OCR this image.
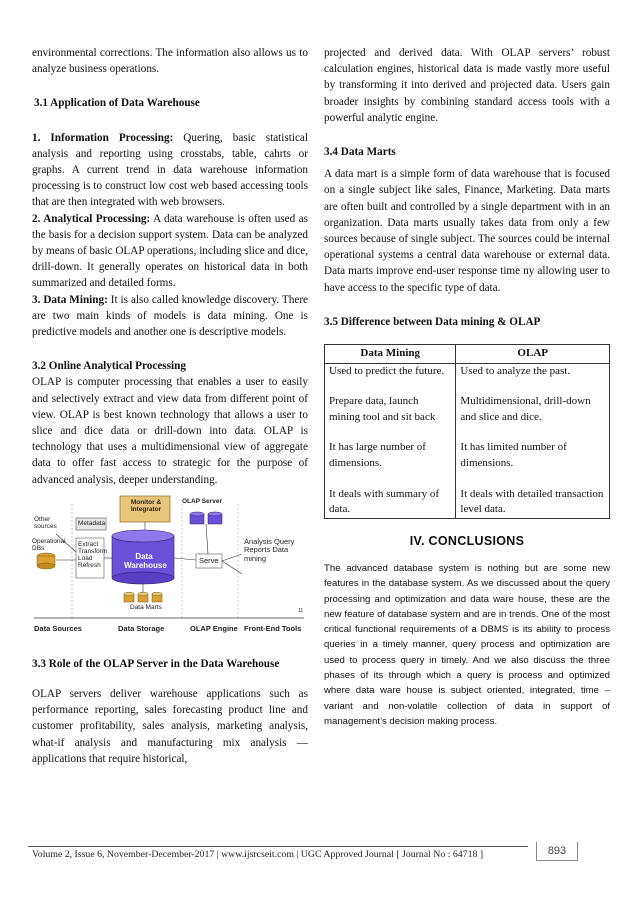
environmental corrections. The information also allows us to analyze business operations.

3.1 Application of Data Warehouse

1. Information Processing: Quering, basic statistical analysis and reporting using crosstabs, table, cahrts or graphs. A current trend in data warehouse information processing is to construct low cost web based accessing tools that are then integrated with web browsers.

2. Analytical Processing: A data warehouse is often used as the basis for a decision support system. Data can be analyzed by means of basic OLAP operations, including slice and dice, drill-down. It generally operates on historical data in both summarized and detailed forms.

3. Data Mining: It is also called knowledge discovery. There are two main kinds of models is data mining. One is predictive models and another one is descriptive models.

3.2 Online Analytical Processing

OLAP is computer processing that enables a user to easily and selectively extract and view data from different point of view. OLAP is best known technology that allows a user to slice and dice data or drill-down into data. OLAP is technology that uses a multidimensional view of aggregate data to offer fast access to strategic for the purpose of advanced analysis, deeper understanding.

Other sources
Operational DBs
Metadata
Monitor & Integrator
OLAP Server
Extract Transform Load Refresh
Data Warehouse
Serve
Analysis Query Reports Data mining
Data Marts	11
Data Sources	Data Storage	OLAP Engine Front-End Tools

3.3 Role of the OLAP Server in the Data Warehouse

OLAP servers deliver warehouse applications such as performance reporting, sales forecasting product line and customer profitability, sales analysis, marketing analysis, what-if analysis and manufacturing mix analysis — applications that require historical,

projected and derived data. With OLAP servers’ robust calculation engines, historical data is made vastly more useful by transforming it into derived and projected data. Users gain broader insights by combining standard access tools with a powerful analytic engine.

3.4 Data Marts

A data mart is a simple form of data warehouse that is focused on a single subject like sales, Finance, Marketing. Data marts are often built and controlled by a single department with in an organization. Data marts usually takes data from only a few sources because of single subject. The sources could be internal operational systems a central data warehouse or external data. Data marts improve end-user response time ny allowing user to have access to the specific type of data.

3.5 Difference between Data mining & OLAP

Data Mining	OLAP
Used to predict the future.	Used to analyze the past.

Prepare data, launch mining tool and sit back	Multidimensional, drill-down and slice and dice.

It has large number of dimensions.	It has limited number of dimensions.

It deals with summary of data.	It deals with detailed transaction level data.
IV. CONCLUSIONS

The advanced database system is nothing but are some new features in the database system. As we discussed about the query processing and optimization and data ware house, these are the new feature of database system and are in trends. One of the most critical functional requirements of a DBMS is its ability to process queries in a timely manner, query process and optimization are used to process query in timely. And we also discuss the three phases of its through which a query is process and optimized where data ware house is subject oriented, integrated, time –variant and non-volatile collection of data in support of management’s decision making process.

Volume 2, Issue 6, November-December-2017 | www.ijsrcseit.com | UGC Approved Journal [ Journal No : 64718 ]	893
